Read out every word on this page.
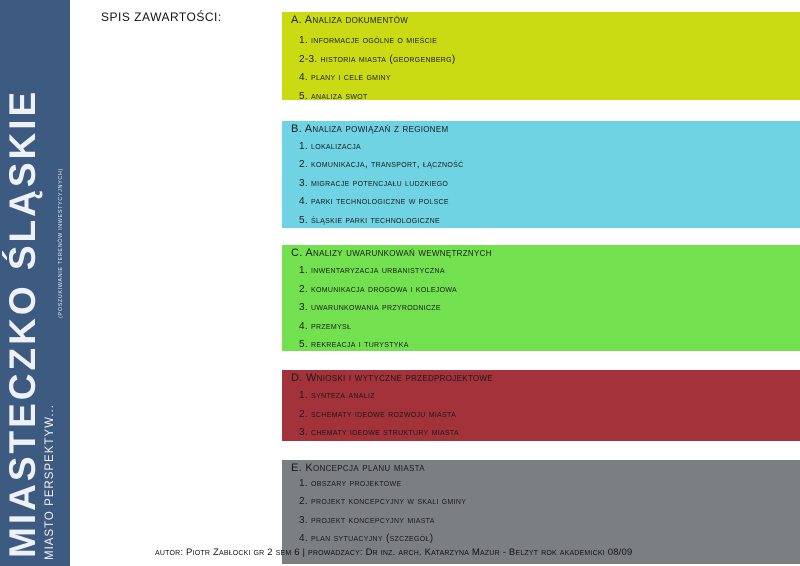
MIASTECZKO ŚLĄSKIE MIASTO PERSPEKTYW...
(POSZUKIWANIE TERENÓW INWESTYCYJNYCH)
SPIS ZAWARTOŚCI:	A. Analiza dokumentów
1. informacje ogólne o mieście
2-3. historia miasta (georgenberg)
4. plany i cele gminy
5. analiza swot
B. Analiza powiązań z regionem
1. lokalizacja
2. komunikacja, transport, łączność
3. migracje potencjału ludzkiego
4. parki technologiczne w polsce
5. śląskie parki technologiczne
C. Analizy uwarunkowań wewnętrznych
1. inwentaryzacja urbanistyczna
2. komunikacja drogowa i kolejowa
3. uwarunkowania przyrodnicze
4. przemysł
5. rekreacja i turystyka
D. Wnioski i wytyczne przedprojektowe
1. synteza analiz
2. schematy ideowe rozwoju miasta
3. chematy ideowe struktury miasta
E. Koncepcja planu miasta
1. obszary projektowe
2. projekt koncepcyjny w skali gminy
3. projekt koncepcyjny miasta
4. plan sytuacyjny (szczegół)
autor: Piotr Zabłocki gr 2 sem 6 | prowadzacy: Dr inz. arch. Katarzyna Mazur - Belzyt rok akademicki 08/09
